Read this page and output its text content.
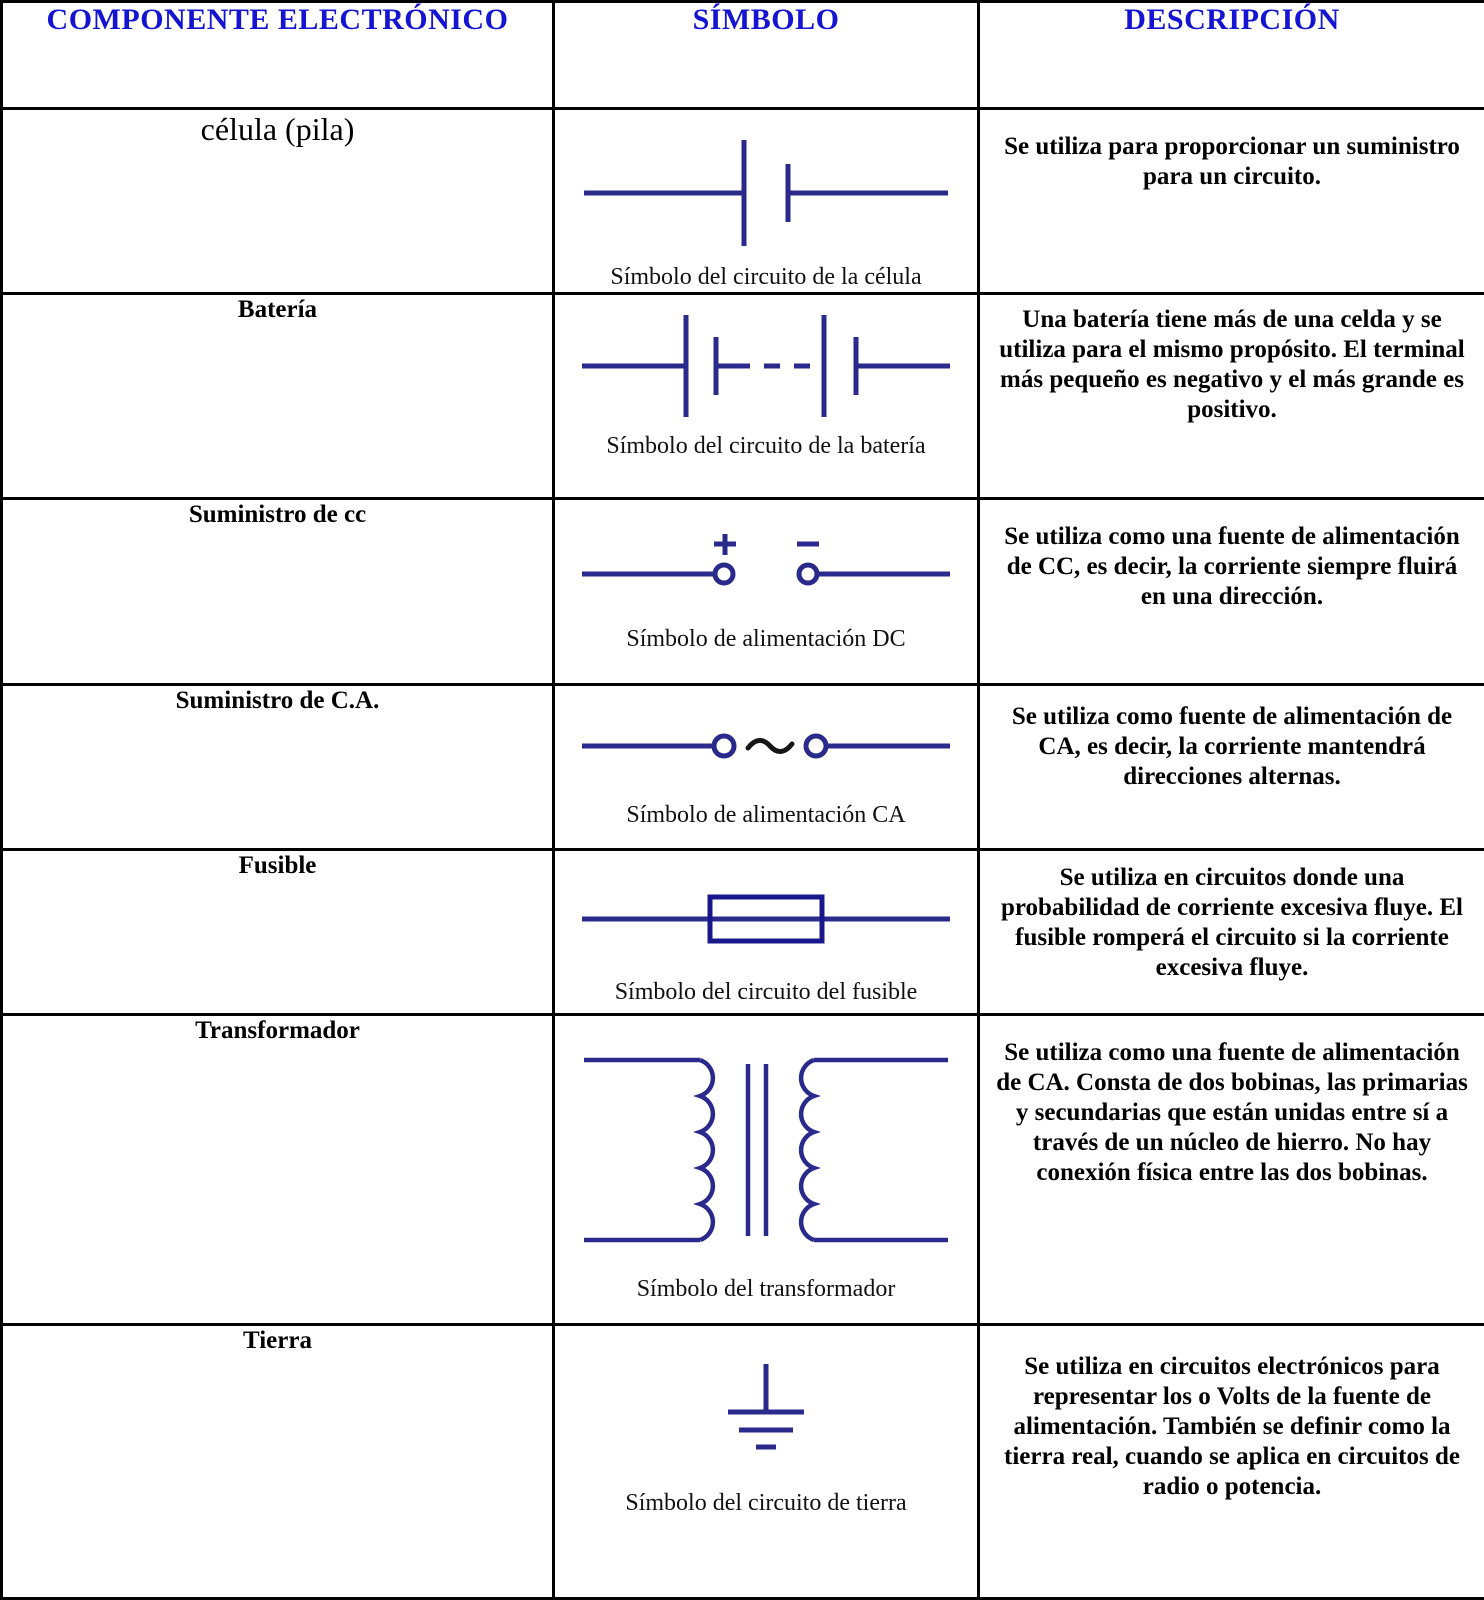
COMPONENTE ELECTRÓNICO	SÍMBOLO	DESCRIPCIÓN

célula (pila)	Símbolo del circuito de la célula	Se utiliza para proporcionar un suministro para un circuito.

Batería	Símbolo del circuito de la batería	Una batería tiene más de una celda y se utiliza para el mismo propósito. El terminal más pequeño es negativo y el más grande es positivo.

Suministro de cc	Símbolo de alimentación DC	Se utiliza como una fuente de alimentación de CC, es decir, la corriente siempre fluirá en una dirección.

Suministro de C.A.	Símbolo de alimentación CA	Se utiliza como fuente de alimentación de CA, es decir, la corriente mantendrá direcciones alternas.

Fusible	Símbolo del circuito del fusible	Se utiliza en circuitos donde una probabilidad de corriente excesiva fluye. El fusible romperá el circuito si la corriente excesiva fluye.

Transformador	Símbolo del transformador	Se utiliza como una fuente de alimentación de CA. Consta de dos bobinas, las primarias y secundarias que están unidas entre sí a través de un núcleo de hierro. No hay conexión física entre las dos bobinas.

Tierra	Símbolo del circuito de tierra	Se utiliza en circuitos electrónicos para representar los o Volts de la fuente de alimentación. También se definir como la tierra real, cuando se aplica en circuitos de radio o potencia.
